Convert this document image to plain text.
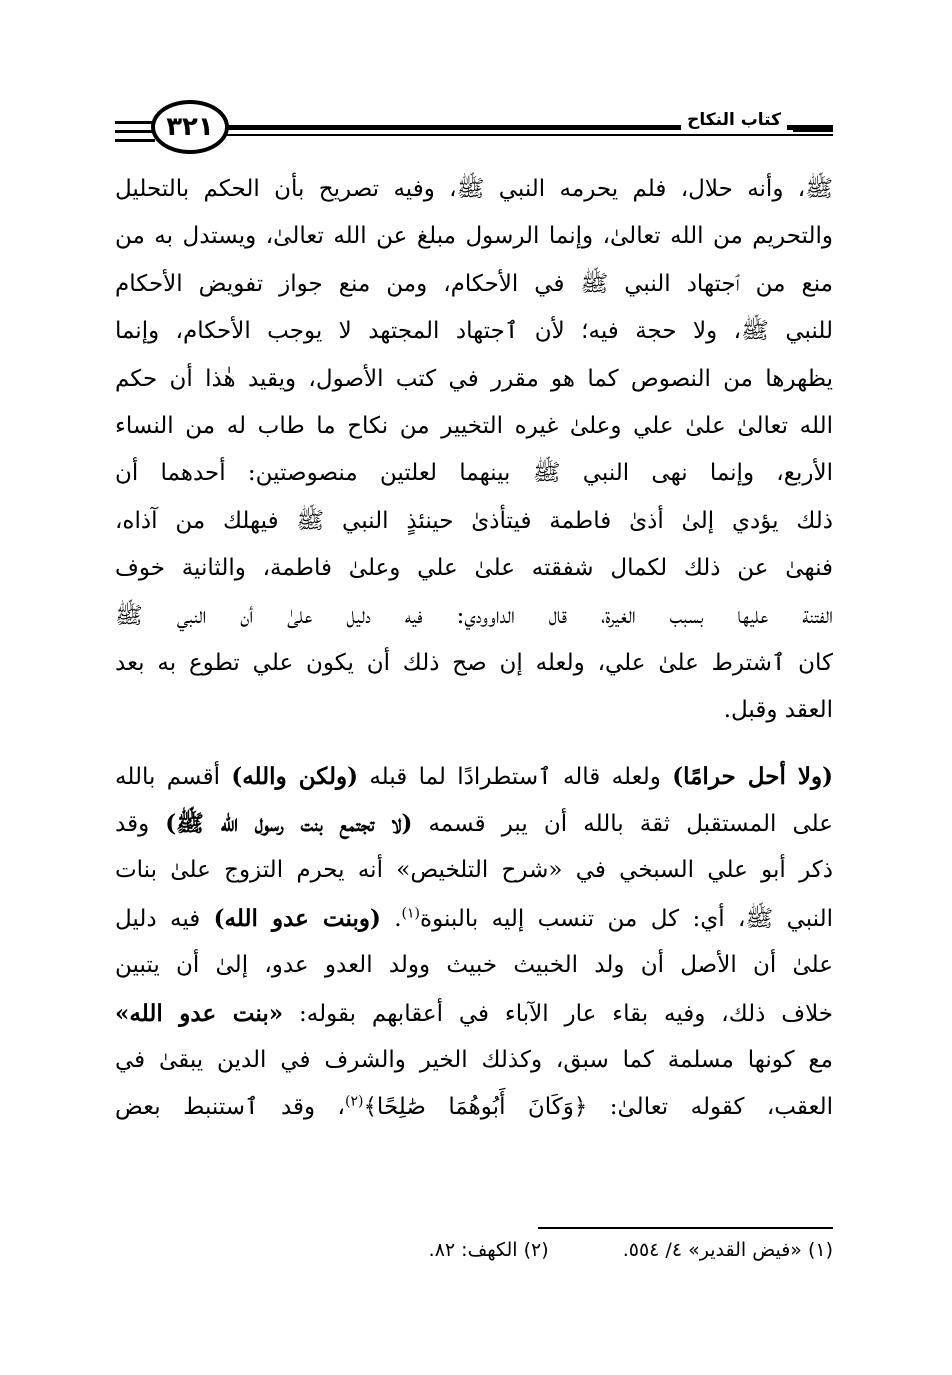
٣٢١	كتاب النكاح
ﷺ، وأنه حلال، فلم يحرمه النبي ﷺ، وفيه تصريح بأن الحكم بالتحليل
والتحريم من الله تعالىٰ، وإنما الرسول مبلغ عن الله تعالىٰ، ويستدل به من
منع من ٱجتهاد النبي ﷺ في الأحكام، ومن منع جواز تفويض الأحكام
للنبي ﷺ، ولا حجة فيه؛ لأن ٱجتهاد المجتهد لا يوجب الأحكام، وإنما
يظهرها من النصوص كما هو مقرر في كتب الأصول، ويقيد هٰذا أن حكم
الله تعالىٰ علىٰ علي وعلىٰ غيره التخيير من نكاح ما طاب له من النساء
الأربع، وإنما نهى النبي ﷺ بينهما لعلتين منصوصتين: أحدهما أن
ذلك يؤدي إلىٰ أذىٰ فاطمة فيتأذىٰ حينئذٍ النبي ﷺ فيهلك من آذاه،
فنهىٰ عن ذلك لكمال شفقته علىٰ علي وعلىٰ فاطمة، والثانية خوف
الفتنة عليها بسبب الغيرة، قال الداوودي: فيه دليل علىٰ أن النبي ﷺ
كان ٱشترط علىٰ علي، ولعله إن صح ذلك أن يكون علي تطوع به بعد
العقد وقبل.
(ولا أحل حرامًا) ولعله قاله ٱستطرادًا لما قبله (ولكن والله) أقسم بالله
على المستقبل ثقة بالله أن يبر قسمه (لا تجتمع بنت رسول الله ﷺ) وقد
ذكر أبو علي السبخي في «شرح التلخيص» أنه يحرم التزوج علىٰ بنات
النبي ﷺ، أي: كل من تنسب إليه بالبنوة$^{(١)}$. (وبنت عدو الله) فيه دليل
علىٰ أن الأصل أن ولد الخبيث خبيث وولد العدو عدو، إلىٰ أن يتبين
خلاف ذلك، وفيه بقاء عار الآباء في أعقابهم بقوله: «بنت عدو الله»
مع كونها مسلمة كما سبق، وكذلك الخير والشرف في الدين يبقىٰ في
العقب، كقوله تعالىٰ: ﴿وَكَانَ أَبُوهُمَا صَٰلِحًا﴾$^{(٢)}$، وقد ٱستنبط بعض
(١) «فيض القدير» ٤/ ٥٥٤. (٢) الكهف: ٨٢.
